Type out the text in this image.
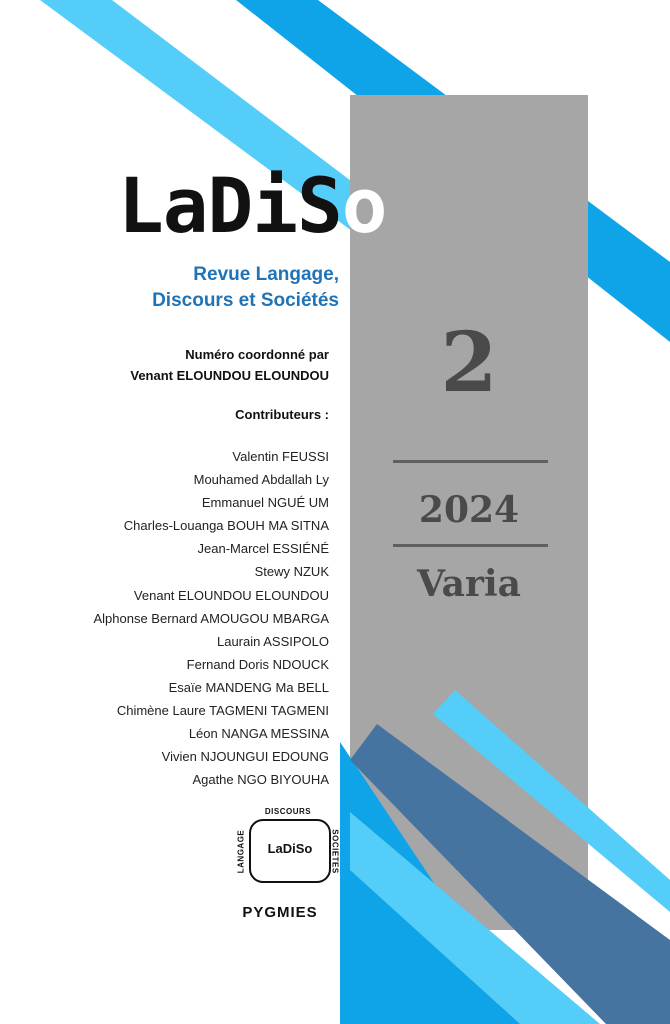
LaDiSo
Revue Langage,
Discours et Sociétés
Numéro coordonné par
Venant ELOUNDOU ELOUNDOU
Contributeurs :
Valentin FEUSSI
Mouhamed Abdallah Ly
Emmanuel NGUÉ UM
Charles-Louanga BOUH MA SITNA
Jean-Marcel ESSIÉNÉ
Stewy NZUK
Venant ELOUNDOU ELOUNDOU
Alphonse Bernard AMOUGOU MBARGA
Laurain ASSIPOLO
Fernand Doris NDOUCK
Esaïe MANDENG Ma BELL
Chimène Laure TAGMENI TAGMENI
Léon NANGA MESSINA
Vivien NJOUNGUI EDOUNG
Agathe NGO BIYOUHA
2
2024
Varia
DISCOURS
LANGAGE	SOCIETES
LaDiSo
PYGMIES
